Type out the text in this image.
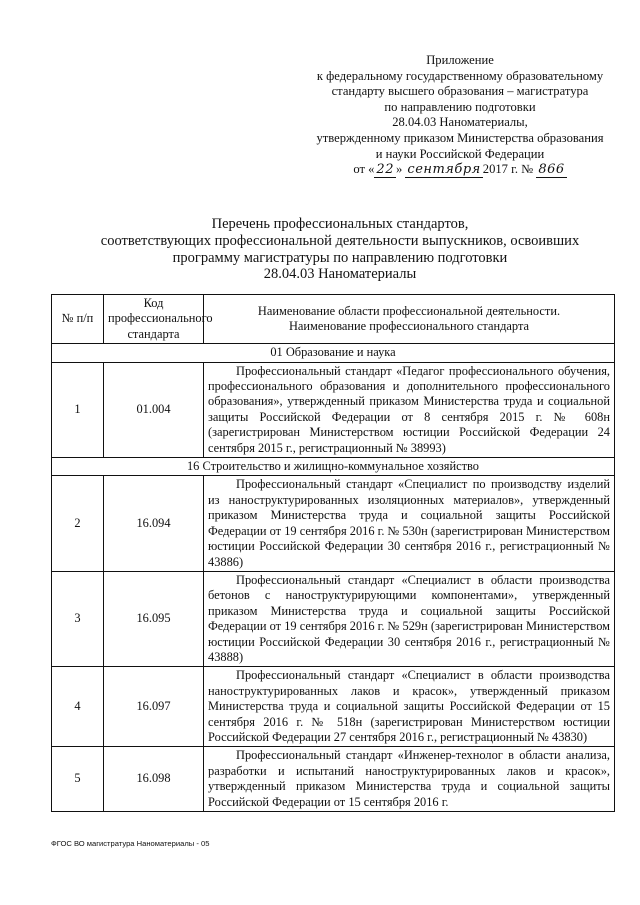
Приложение
к федеральному государственному образовательному
стандарту высшего образования – магистратура
по направлению подготовки
28.04.03 Наноматериалы,
утвержденному приказом Министерства образования
и науки Российской Федерации
от « 22 » сентября 2017 г. № 866
Перечень профессиональных стандартов,
соответствующих профессиональной деятельности выпускников, освоивших
программу магистратуры по направлению подготовки
28.04.03 Наноматериалы
№ п/п	Код профессионального стандарта	Наименование области профессиональной деятельности. Наименование профессионального стандарта
01 Образование и наука		
1	01.004	Профессиональный стандарт «Педагог профессионального обучения, профессионального образования и дополнительного профессионального образования», утвержденный приказом Министерства труда и социальной защиты Российской Федерации от 8 сентября 2015 г. № 608н (зарегистрирован Министерством юстиции Российской Федерации 24 сентября 2015 г., регистрационный № 38993)

16 Строительство и жилищно-коммунальное хозяйство		
2	16.094	Профессиональный стандарт «Специалист по производству изделий из наноструктурированных изоляционных материалов», утвержденный приказом Министерства труда и социальной защиты Российской Федерации от 19 сентября 2016 г. № 530н (зарегистрирован Министерством юстиции Российской Федерации 30 сентября 2016 г., регистрационный № 43886)

3	16.095	Профессиональный стандарт «Специалист в области производства бетонов с наноструктурирующими компонентами», утвержденный приказом Министерства труда и социальной защиты Российской Федерации от 19 сентября 2016 г. № 529н (зарегистрирован Министерством юстиции Российской Федерации 30 сентября 2016 г., регистрационный № 43888)

4	16.097	Профессиональный стандарт «Специалист в области производства наноструктурированных лаков и красок», утвержденный приказом Министерства труда и социальной защиты Российской Федерации от 15 сентября 2016 г. № 518н (зарегистрирован Министерством юстиции Российской Федерации 27 сентября 2016 г., регистрационный № 43830)

5	16.098	Профессиональный стандарт «Инженер-технолог в области анализа, разработки и испытаний наноструктурированных лаков и красок», утвержденный приказом Министерства труда и социальной защиты Российской Федерации от 15 сентября 2016 г.
ФГОС ВО магистратура Наноматериалы - 05
